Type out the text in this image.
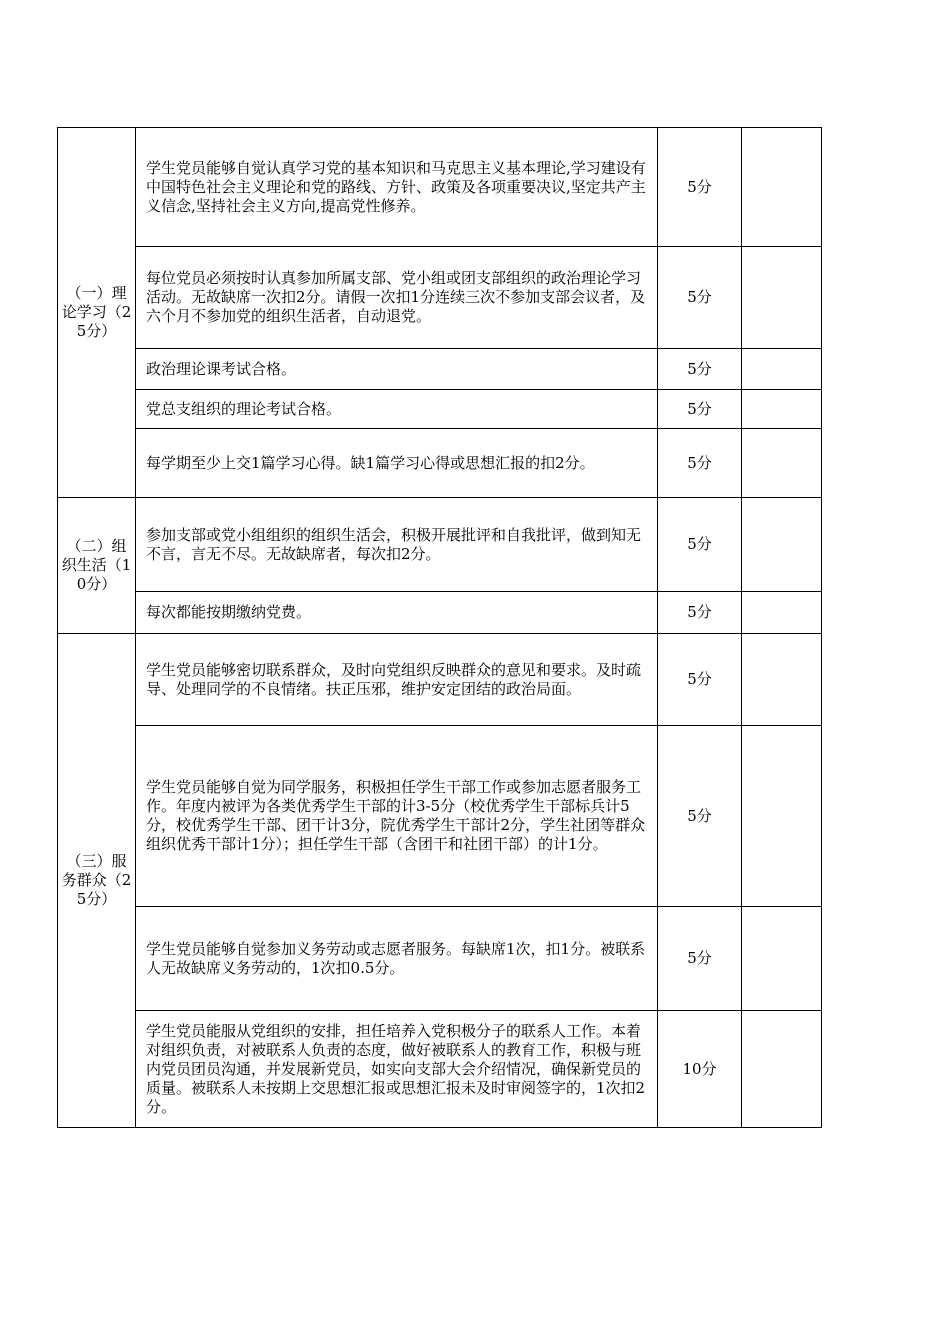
（一）理论学习（25分）	学生党员能够自觉认真学习党的基本知识和马克思主义基本理论,学习建设有中国特色社会主义理论和党的路线、方针、政策及各项重要决议,坚定共产主义信念,坚持社会主义方向,提高党性修养。	5分	
	每位党员必须按时认真参加所属支部、党小组或团支部组织的政治理论学习活动。无故缺席一次扣2分。请假一次扣1分连续三次不参加支部会议者，及六个月不参加党的组织生活者，自动退党。	5分	
	政治理论课考试合格。	5分	
	党总支组织的理论考试合格。	5分	
	每学期至少上交1篇学习心得。缺1篇学习心得或思想汇报的扣2分。	5分	

（二）组织生活（10分）	参加支部或党小组组织的组织生活会，积极开展批评和自我批评，做到知无不言，言无不尽。无故缺席者，每次扣2分。	5分	
	每次都能按期缴纳党费。	5分	

（三）服务群众（25分）	学生党员能够密切联系群众，及时向党组织反映群众的意见和要求。及时疏导、处理同学的不良情绪。扶正压邪，维护安定团结的政治局面。	5分	
	学生党员能够自觉为同学服务，积极担任学生干部工作或参加志愿者服务工作。年度内被评为各类优秀学生干部的计3-5分（校优秀学生干部标兵计5分，校优秀学生干部、团干计3分，院优秀学生干部计2分，学生社团等群众组织优秀干部计1分）；担任学生干部（含团干和社团干部）的计1分。	5分	
	学生党员能够自觉参加义务劳动或志愿者服务。每缺席1次，扣1分。被联系人无故缺席义务劳动的，1次扣0.5分。	5分	
	学生党员能服从党组织的安排，担任培养入党积极分子的联系人工作。本着对组织负责，对被联系人负责的态度，做好被联系人的教育工作，积极与班内党员团员沟通，并发展新党员，如实向支部大会介绍情况，确保新党员的质量。被联系人未按期上交思想汇报或思想汇报未及时审阅签字的，1次扣2分。	10分	
